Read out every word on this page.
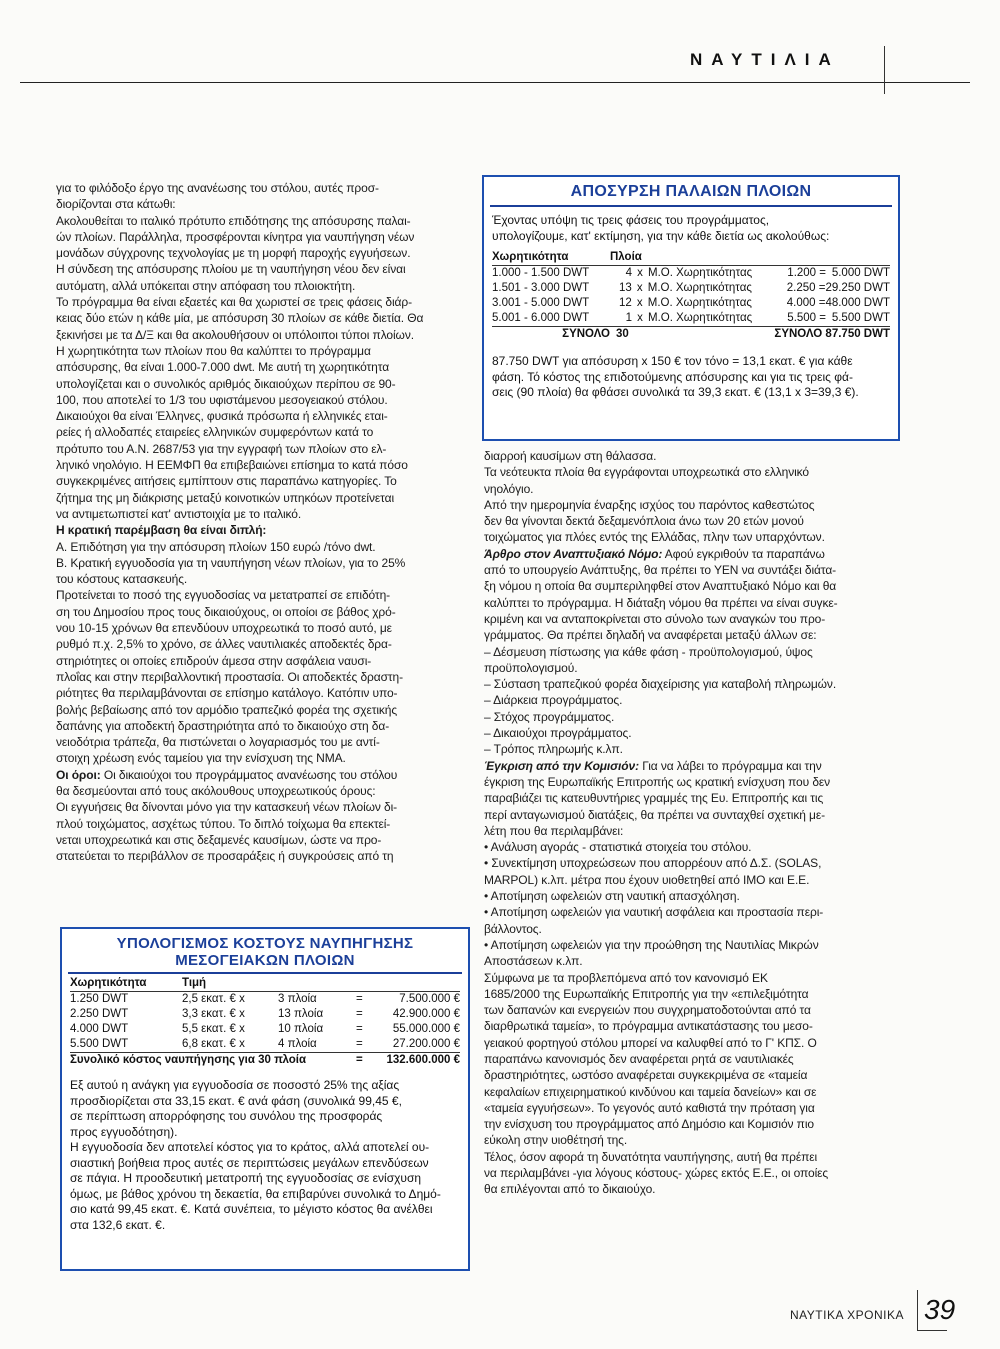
ΝΑΥΤΙΛΙΑ
για το φιλόδοξο έργο της ανανέωσης του στόλου, αυτές προσ-
διορίζονται στα κάτωθι:
Ακολουθείται το ιταλικό πρότυπο επιδότησης της απόσυρσης παλαι-
ών πλοίων. Παράλληλα, προσφέρονται κίνητρα για ναυπήγηση νέων
μονάδων σύγχρονης τεχνολογίας με τη μορφή παροχής εγγυήσεων.
Η σύνδεση της απόσυρσης πλοίου με τη ναυπήγηση νέου δεν είναι
αυτόματη, αλλά υπόκειται στην απόφαση του πλοιοκτήτη.
Το πρόγραμμα θα είναι εξαετές και θα χωριστεί σε τρεις φάσεις διάρ-
κειας δύο ετών η κάθε μία, με απόσυρση 30 πλοίων σε κάθε διετία. Θα
ξεκινήσει με τα Δ/Ξ και θα ακολουθήσουν οι υπόλοιποι τύποι πλοίων.
Η χωρητικότητα των πλοίων που θα καλύπτει το πρόγραμμα
απόσυρσης, θα είναι 1.000-7.000 dwt. Με αυτή τη χωρητικότητα
υπολογίζεται και ο συνολικός αριθμός δικαιούχων περίπου σε 90-
100, που αποτελεί το 1/3 του υφιστάμενου μεσογειακού στόλου.
Δικαιούχοι θα είναι Έλληνες, φυσικά πρόσωπα ή ελληνικές εται-
ρείες ή αλλοδαπές εταιρείες ελληνικών συμφερόντων κατά το
πρότυπο του Α.Ν. 2687/53 για την εγγραφή των πλοίων στο ελ-
ληνικό νηολόγιο. Η ΕΕΜΦΠ θα επιβεβαιώνει επίσημα το κατά πόσο
συγκεκριμένες αιτήσεις εμπίπτουν στις παραπάνω κατηγορίες. Το
ζήτημα της μη διάκρισης μεταξύ κοινοτικών υπηκόων προτείνεται
να αντιμετωπιστεί κατ' αντιστοιχία με το ιταλικό.
Η κρατική παρέμβαση θα είναι διπλή:
Α. Επιδότηση για την απόσυρση πλοίων 150 ευρώ /τόνο dwt.
Β. Κρατική εγγυοδοσία για τη ναυπήγηση νέων πλοίων, για το 25%
του κόστους κατασκευής.
Προτείνεται το ποσό της εγγυοδοσίας να μετατραπεί σε επιδότη-
ση του Δημοσίου προς τους δικαιούχους, οι οποίοι σε βάθος χρό-
νου 10-15 χρόνων θα επενδύουν υποχρεωτικά το ποσό αυτό, με
ρυθμό π.χ. 2,5% το χρόνο, σε άλλες ναυτιλιακές αποδεκτές δρα-
στηριότητες οι οποίες επιδρούν άμεσα στην ασφάλεια ναυσι-
πλοΐας και στην περιβαλλοντική προστασία. Οι αποδεκτές δραστη-
ριότητες θα περιλαμβάνονται σε επίσημο κατάλογο. Κατόπιν υπο-
βολής βεβαίωσης από τον αρμόδιο τραπεζικό φορέα της σχετικής
δαπάνης για αποδεκτή δραστηριότητα από το δικαιούχο στη δα-
νειοδότρια τράπεζα, θα πιστώνεται ο λογαριασμός του με αντί-
στοιχη χρέωση ενός ταμείου για την ενίσχυση της ΝΜΑ.
Οι όροι: Οι δικαιούχοι του προγράμματος ανανέωσης του στόλου
θα δεσμεύονται από τους ακόλουθους υποχρεωτικούς όρους:
Οι εγγυήσεις θα δίνονται μόνο για την κατασκευή νέων πλοίων δι-
πλού τοιχώματος, ασχέτως τύπου. Το διπλό τοίχωμα θα επεκτεί-
νεται υποχρεωτικά και στις δεξαμενές καυσίμων, ώστε να προ-
στατεύεται το περιβάλλον σε προσαράξεις ή συγκρούσεις από τη
ΑΠΟΣΥΡΣΗ ΠΑΛΑΙΩΝ ΠΛΟΙΩΝ
Έχοντας υπόψη τις τρεις φάσεις του προγράμματος,
υπολογίζουμε, κατ' εκτίμηση, για την κάθε διετία ως ακολούθως:
Χωρητικότητα	Πλοία
1.000 - 1.500 DWT	4 x Μ.Ο. Χωρητικότητας	1.200 = 5.000 DWT
1.501 - 3.000 DWT	13 x Μ.Ο. Χωρητικότητας	2.250 = 29.250 DWT
3.001 - 5.000 DWT	12 x Μ.Ο. Χωρητικότητας	4.000 = 48.000 DWT
5.001 - 6.000 DWT	1 x Μ.Ο. Χωρητικότητας	5.500 = 5.500 DWT
ΣΥΝΟΛΟ 30	ΣΥΝΟΛΟ 87.750 DWT
87.750 DWT για απόσυρση x 150 € τον τόνο = 13,1 εκατ. € για κάθε
φάση. Τό κόστος της επιδοτούμενης απόσυρσης και για τις τρεις φά-
σεις (90 πλοία) θα φθάσει συνολικά τα 39,3 εκατ. € (13,1 x 3=39,3 €).
διαρροή καυσίμων στη θάλασσα.
Τα νεότευκτα πλοία θα εγγράφονται υποχρεωτικά στο ελληνικό
νηολόγιο.
Από την ημερομηνία έναρξης ισχύος του παρόντος καθεστώτος
δεν θα γίνονται δεκτά δεξαμενόπλοια άνω των 20 ετών μονού
τοιχώματος για πλόες εντός της Ελλάδας, πλην των υπαρχόντων.
Άρθρο στον Αναπτυξιακό Νόμο: Αφού εγκριθούν τα παραπάνω
από το υπουργείο Ανάπτυξης, θα πρέπει το ΥΕΝ να συντάξει διάτα-
ξη νόμου η οποία θα συμπεριληφθεί στον Αναπτυξιακό Νόμο και θα
καλύπτει το πρόγραμμα. Η διάταξη νόμου θα πρέπει να είναι συγκε-
κριμένη και να ανταποκρίνεται στο σύνολο των αναγκών του προ-
γράμματος. Θα πρέπει δηλαδή να αναφέρεται μεταξύ άλλων σε:
– Δέσμευση πίστωσης για κάθε φάση - προϋπολογισμού, ύψος
προϋπολογισμού.
– Σύσταση τραπεζικού φορέα διαχείρισης για καταβολή πληρωμών.
– Διάρκεια προγράμματος.
– Στόχος προγράμματος.
– Δικαιούχοι προγράμματος.
– Τρόπος πληρωμής κ.λπ.
Έγκριση από την Κομισιόν: Για να λάβει το πρόγραμμα και την
έγκριση της Ευρωπαϊκής Επιτροπής ως κρατική ενίσχυση που δεν
παραβιάζει τις κατευθυντήριες γραμμές της Ευ. Επιτροπής και τις
περί ανταγωνισμού διατάξεις, θα πρέπει να συνταχθεί σχετική με-
λέτη που θα περιλαμβάνει:
• Ανάλυση αγοράς - στατιστικά στοιχεία του στόλου.
• Συνεκτίμηση υποχρεώσεων που απορρέουν από Δ.Σ. (SOLAS,
MARPOL) κ.λπ. μέτρα που έχουν υιοθετηθεί από ΙΜΟ και Ε.Ε.
• Αποτίμηση ωφελειών στη ναυτική απασχόληση.
• Αποτίμηση ωφελειών για ναυτική ασφάλεια και προστασία περι-
βάλλοντος.
• Αποτίμηση ωφελειών για την προώθηση της Ναυτιλίας Μικρών
Αποστάσεων κ.λπ.
Σύμφωνα με τα προβλεπόμενα από τον κανονισμό ΕΚ
1685/2000 της Ευρωπαϊκής Επιτροπής για την «επιλεξιμότητα
των δαπανών και ενεργειών που συγχρηματοδοτούνται από τα
διαρθρωτικά ταμεία», το πρόγραμμα αντικατάστασης του μεσο-
γειακού φορτηγού στόλου μπορεί να καλυφθεί από το Γ' ΚΠΣ. Ο
παραπάνω κανονισμός δεν αναφέρεται ρητά σε ναυτιλιακές
δραστηριότητες, ωστόσο αναφέρεται συγκεκριμένα σε «ταμεία
κεφαλαίων επιχειρηματικού κινδύνου και ταμεία δανείων» και σε
«ταμεία εγγυήσεων». Το γεγονός αυτό καθιστά την πρόταση για
την ενίσχυση του προγράμματος από Δημόσιο και Κομισιόν πιο
εύκολη στην υιοθέτησή της.
Τέλος, όσον αφορά τη δυνατότητα ναυπήγησης, αυτή θα πρέπει
να περιλαμβάνει -για λόγους κόστους- χώρες εκτός Ε.Ε., οι οποίες
θα επιλέγονται από το δικαιούχο.
ΥΠΟΛΟΓΙΣΜΟΣ ΚΟΣΤΟΥΣ ΝΑΥΠΗΓΗΣΗΣ
ΜΕΣΟΓΕΙΑΚΩΝ ΠΛΟΙΩΝ
Χωρητικότητα	Τιμή
1.250 DWT	2,5 εκατ. € x	3 πλοία	=	7.500.000 €
2.250 DWT	3,3 εκατ. € x	13 πλοία	=	42.900.000 €
4.000 DWT	5,5 εκατ. € x	10 πλοία	=	55.000.000 €
5.500 DWT	6,8 εκατ. € x	4 πλοία	=	27.200.000 €
Συνολικό κόστος ναυπήγησης για 30 πλοία	=	132.600.000 €
Εξ αυτού η ανάγκη για εγγυοδοσία σε ποσοστό 25% της αξίας
προσδιορίζεται στα 33,15 εκατ. € ανά φάση (συνολικά 99,45 €,
σε περίπτωση απορρόφησης του συνόλου της προσφοράς
προς εγγυοδότηση).
Η εγγυοδοσία δεν αποτελεί κόστος για το κράτος, αλλά αποτελεί ου-
σιαστική βοήθεια προς αυτές σε περιπτώσεις μεγάλων επενδύσεων
σε πάγια. Η προοδευτική μετατροπή της εγγυοδοσίας σε ενίσχυση
όμως, με βάθος χρόνου τη δεκαετία, θα επιβαρύνει συνολικά το Δημό-
σιο κατά 99,45 εκατ. €. Κατά συνέπεια, το μέγιστο κόστος θα ανέλθει
στα 132,6 εκατ. €.
ΝΑΥΤΙΚΑ ΧΡΟΝΙΚΑ 39
